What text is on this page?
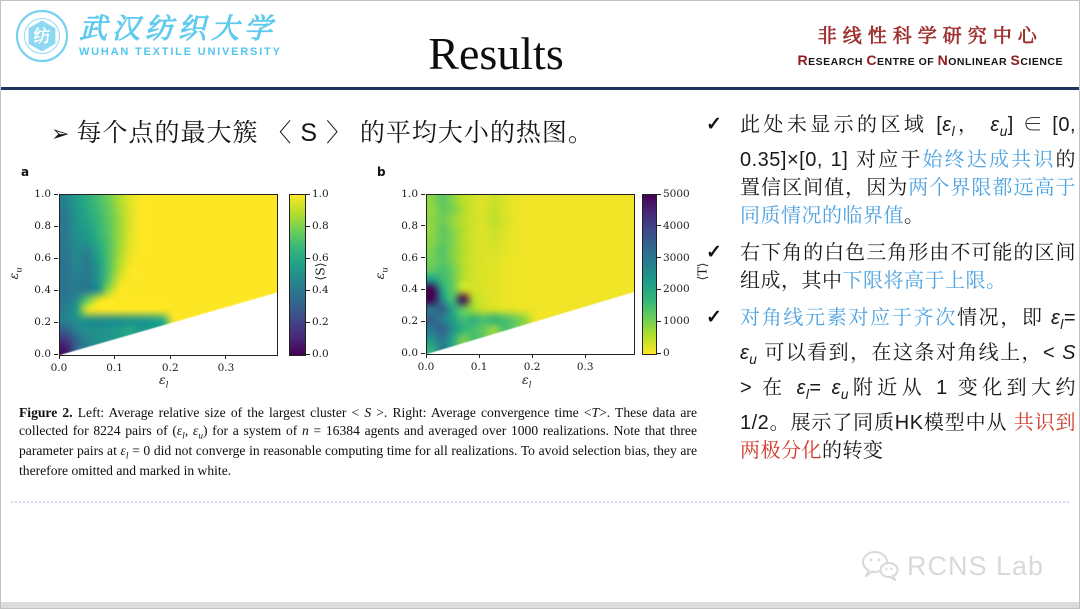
纺 武汉纺织大学
WUHAN TEXTILE UNIVERSITY	Results	非线性科学研究中心
RESEARCH CENTRE OF NONLINEAR SCIENCE
➢ 每个点的最大簇 〈 S 〉 的平均大小的热图。
a
⟨S⟩
$\varepsilon_u$
$\varepsilon_l$
b
⟨T⟩
$\varepsilon_u$
$\varepsilon_l$
Figure 2. Left: Average relative size of the largest cluster < S >. Right: Average convergence time <T>. These data are collected for 8224 pairs of ($\varepsilon_l$, $\varepsilon_u$) for a system of n = 16384 agents and averaged over 1000 realizations. Note that three parameter pairs at $\varepsilon_l = 0$ did not converge in reasonable computing time for all realizations. To avoid selection bias, they are therefore omitted and marked in white.
✓ 此处未显示的区域 [$\varepsilon_l$， $\varepsilon_u$] ∈ [0, 0.35]×[0, 1] 对应于始终达成共识的置信区间值，因为两个界限都远高于同质情况的临界值。
✓ 右下角的白色三角形由不可能的区间组成，其中下限将高于上限。
✓ 对角线元素对应于齐次情况，即 $\varepsilon_l= \varepsilon_u$ 可以看到，在这条对角线上，< S > 在 $\varepsilon_l= \varepsilon_u$附近从 1 变化到大约 1/2。展示了同质HK模型中从 共识到两极分化的转变
RCNS Lab
0.0	0.1	0.2	0.3
0.0
0.2
0.4
0.6
0.8
1.0
0.0
0.2
0.4
0.6
0.8
1.0
0.0	0.1	0.2	0.3
0.0
0.2
0.4
0.6
0.8
1.0
0
1000
2000
3000
4000
5000
